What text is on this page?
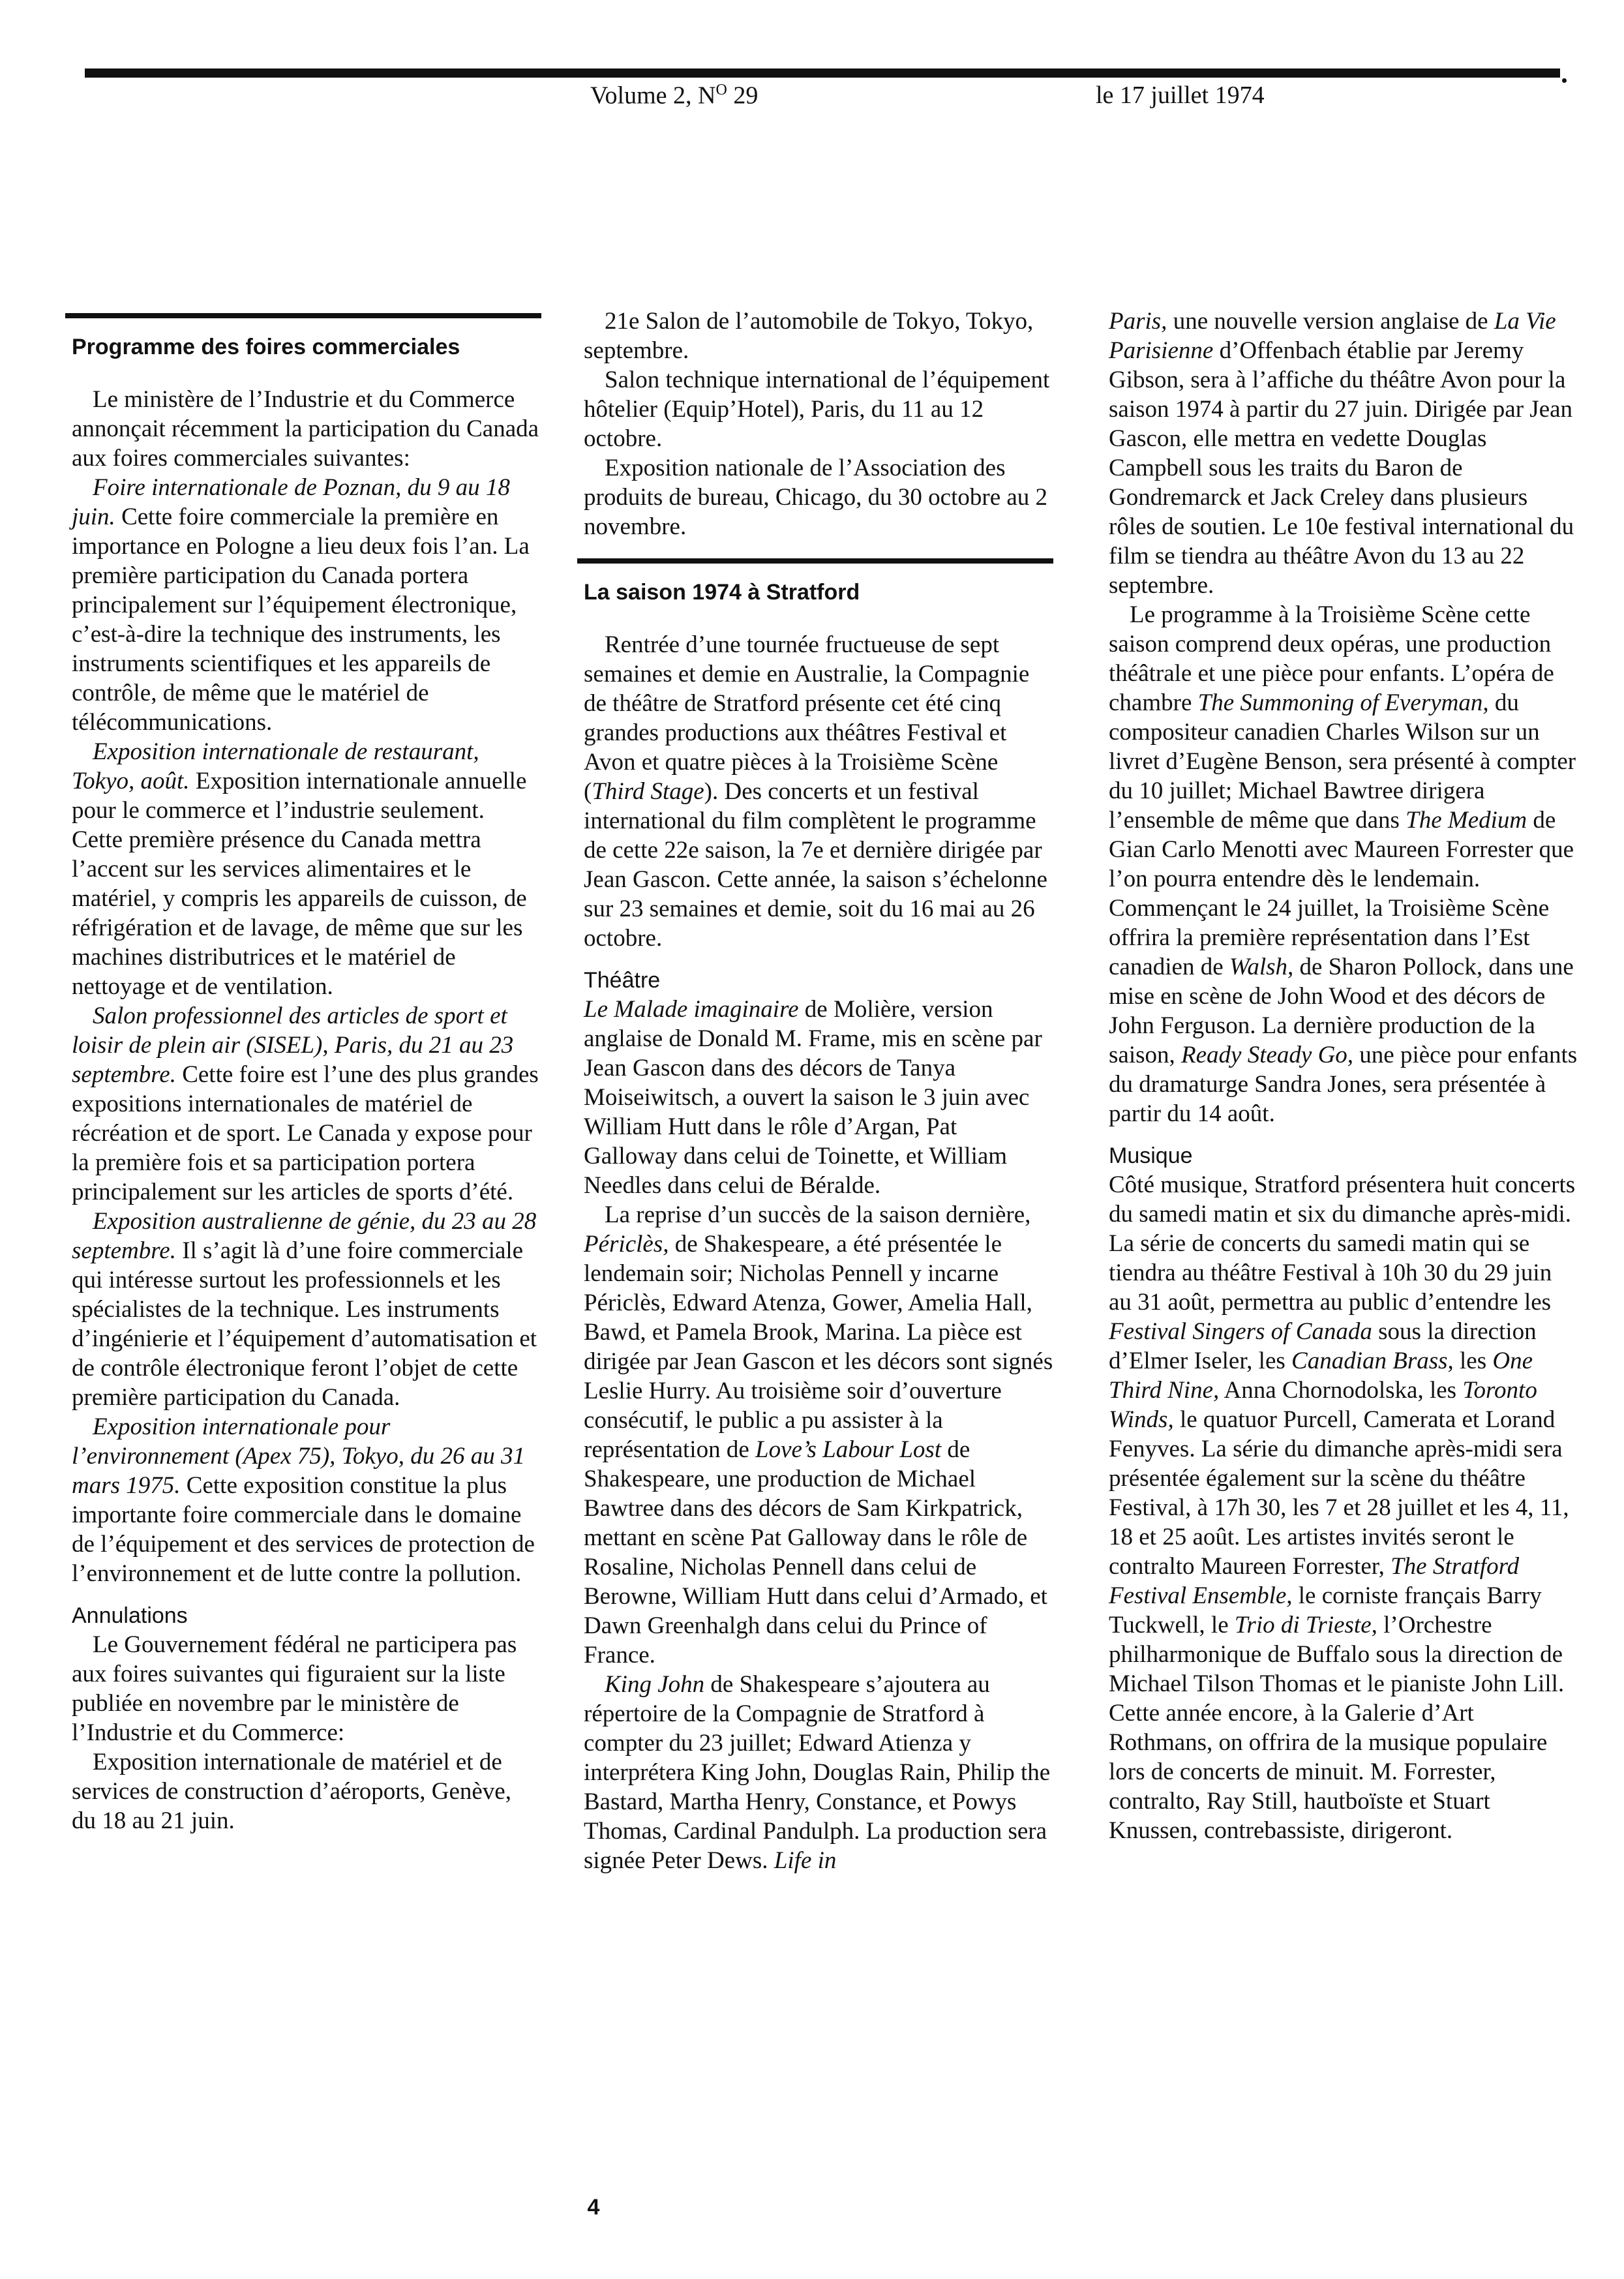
Volume 2, $N^O$ 29	le 17 juillet 1974
Programme des foires commerciales

Le ministère de l’Industrie et du Commerce annonçait récemment la participation du Canada aux foires commerciales suivantes:

Foire internationale de Poznan, du 9 au 18 juin. Cette foire commerciale la première en importance en Pologne a lieu deux fois l’an. La première participation du Canada portera principalement sur l’équipement électronique, c’est-à-dire la technique des instruments, les instruments scientifiques et les appareils de contrôle, de même que le matériel de télécommunications.

Exposition internationale de restaurant, Tokyo, août. Exposition internationale annuelle pour le commerce et l’industrie seulement. Cette première présence du Canada mettra l’accent sur les services alimentaires et le matériel, y compris les appareils de cuisson, de réfrigération et de lavage, de même que sur les machines distributrices et le matériel de nettoyage et de ventilation.

Salon professionnel des articles de sport et loisir de plein air (SISEL), Paris, du 21 au 23 septembre. Cette foire est l’une des plus grandes expositions internationales de matériel de récréation et de sport. Le Canada y expose pour la première fois et sa participation portera principalement sur les articles de sports d’été.

Exposition australienne de génie, du 23 au 28 septembre. Il s’agit là d’une foire commerciale qui intéresse surtout les professionnels et les spécialistes de la technique. Les instruments d’ingénierie et l’équipement d’automatisation et de contrôle électronique feront l’objet de cette première participation du Canada.

Exposition internationale pour l’environnement (Apex 75), Tokyo, du 26 au 31 mars 1975. Cette exposition constitue la plus importante foire commerciale dans le domaine de l’équipement et des services de protection de l’environnement et de lutte contre la pollution.

Annulations

Le Gouvernement fédéral ne participera pas aux foires suivantes qui figuraient sur la liste publiée en novembre par le ministère de l’Industrie et du Commerce:

Exposition internationale de matériel et de services de construction d’aéroports, Genève, du 18 au 21 juin.

21e Salon de l’automobile de Tokyo, Tokyo, septembre.

Salon technique international de l’équipement hôtelier (Equip’Hotel), Paris, du 11 au 12 octobre.

Exposition nationale de l’Association des produits de bureau, Chicago, du 30 octobre au 2 novembre.

La saison 1974 à Stratford

Rentrée d’une tournée fructueuse de sept semaines et demie en Australie, la Compagnie de théâtre de Stratford présente cet été cinq grandes productions aux théâtres Festival et Avon et quatre pièces à la Troisième Scène (Third Stage). Des concerts et un festival international du film complètent le programme de cette 22e saison, la 7e et dernière dirigée par Jean Gascon. Cette année, la saison s’échelonne sur 23 semaines et demie, soit du 16 mai au 26 octobre.

Théâtre

Le Malade imaginaire de Molière, version anglaise de Donald M. Frame, mis en scène par Jean Gascon dans des décors de Tanya Moiseiwitsch, a ouvert la saison le 3 juin avec William Hutt dans le rôle d’Argan, Pat Galloway dans celui de Toinette, et William Needles dans celui de Béralde.

La reprise d’un succès de la saison dernière, Périclès, de Shakespeare, a été présentée le lendemain soir; Nicholas Pennell y incarne Périclès, Edward Atenza, Gower, Amelia Hall, Bawd, et Pamela Brook, Marina. La pièce est dirigée par Jean Gascon et les décors sont signés Leslie Hurry. Au troisième soir d’ouverture consécutif, le public a pu assister à la représentation de Love’s Labour Lost de Shakespeare, une production de Michael Bawtree dans des décors de Sam Kirkpatrick, mettant en scène Pat Galloway dans le rôle de Rosaline, Nicholas Pennell dans celui de Berowne, William Hutt dans celui d’Armado, et Dawn Greenhalgh dans celui du Prince of France.

King John de Shakespeare s’ajoutera au répertoire de la Compagnie de Stratford à compter du 23 juillet; Edward Atienza y interprétera King John, Douglas Rain, Philip the Bastard, Martha Henry, Constance, et Powys Thomas, Cardinal Pandulph. La production sera signée Peter Dews. Life in

Paris, une nouvelle version anglaise de La Vie Parisienne d’Offenbach établie par Jeremy Gibson, sera à l’affiche du théâtre Avon pour la saison 1974 à partir du 27 juin. Dirigée par Jean Gascon, elle mettra en vedette Douglas Campbell sous les traits du Baron de Gondremarck et Jack Creley dans plusieurs rôles de soutien. Le 10e festival international du film se tiendra au théâtre Avon du 13 au 22 septembre.

Le programme à la Troisième Scène cette saison comprend deux opéras, une production théâtrale et une pièce pour enfants. L’opéra de chambre The Summoning of Everyman, du compositeur canadien Charles Wilson sur un livret d’Eugène Benson, sera présenté à compter du 10 juillet; Michael Bawtree dirigera l’ensemble de même que dans The Medium de Gian Carlo Menotti avec Maureen Forrester que l’on pourra entendre dès le lendemain. Commençant le 24 juillet, la Troisième Scène offrira la première représentation dans l’Est canadien de Walsh, de Sharon Pollock, dans une mise en scène de John Wood et des décors de John Ferguson. La dernière production de la saison, Ready Steady Go, une pièce pour enfants du dramaturge Sandra Jones, sera présentée à partir du 14 août.

Musique

Côté musique, Stratford présentera huit concerts du samedi matin et six du dimanche après-midi. La série de concerts du samedi matin qui se tiendra au théâtre Festival à 10h 30 du 29 juin au 31 août, permettra au public d’entendre les Festival Singers of Canada sous la direction d’Elmer Iseler, les Canadian Brass, les One Third Nine, Anna Chornodolska, les Toronto Winds, le quatuor Purcell, Camerata et Lorand Fenyves. La série du dimanche après-midi sera présentée également sur la scène du théâtre Festival, à 17h 30, les 7 et 28 juillet et les 4, 11, 18 et 25 août. Les artistes invités seront le contralto Maureen Forrester, The Stratford Festival Ensemble, le corniste français Barry Tuckwell, le Trio di Trieste, l’Orchestre philharmonique de Buffalo sous la direction de Michael Tilson Thomas et le pianiste John Lill. Cette année encore, à la Galerie d’Art Rothmans, on offrira de la musique populaire lors de concerts de minuit. M. Forrester, contralto, Ray Still, hautboïste et Stuart Knussen, contrebassiste, dirigeront.

4
